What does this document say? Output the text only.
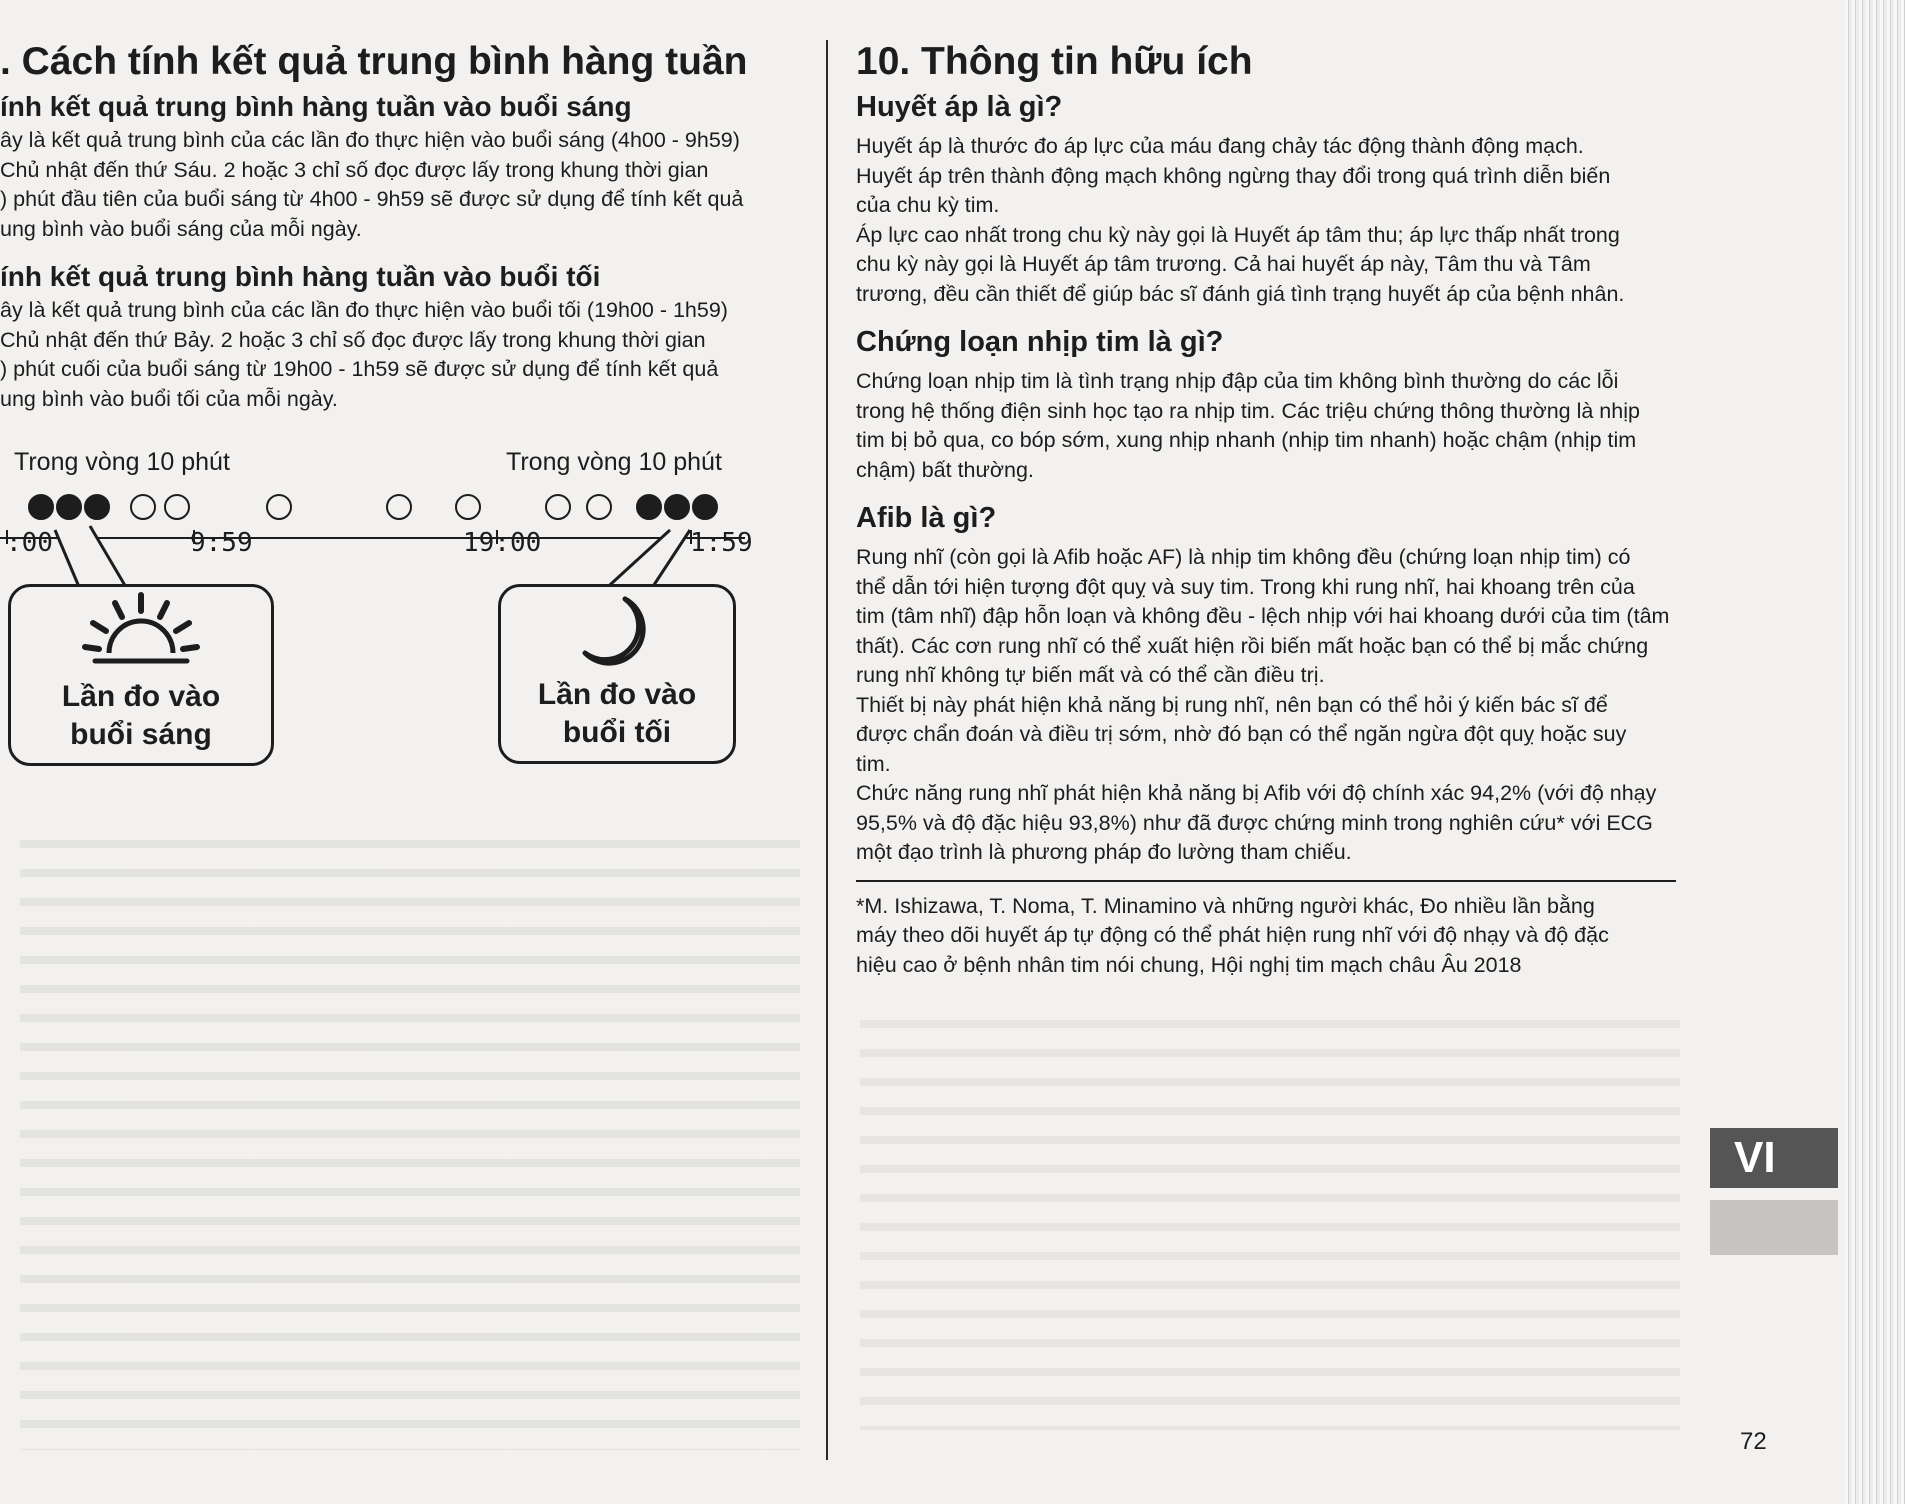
. Cách tính kết quả trung bình hàng tuần
ính kết quả trung bình hàng tuần vào buổi sáng

ây là kết quả trung bình của các lần đo thực hiện vào buổi sáng (4h00 - 9h59)

Chủ nhật đến thứ Sáu. 2 hoặc 3 chỉ số đọc được lấy trong khung thời gian

) phút đầu tiên của buổi sáng từ 4h00 - 9h59 sẽ được sử dụng để tính kết quả

ung bình vào buổi sáng của mỗi ngày.

ính kết quả trung bình hàng tuần vào buổi tối

ây là kết quả trung bình của các lần đo thực hiện vào buổi tối (19h00 - 1h59)

Chủ nhật đến thứ Bảy. 2 hoặc 3 chỉ số đọc được lấy trong khung thời gian

) phút cuối của buổi sáng từ 19h00 - 1h59 sẽ được sử dụng để tính kết quả

ung bình vào buổi tối của mỗi ngày.

Trong vòng 10 phút	Trong vòng 10 phút
:00	9:59	19:00	1:59
Lần đo vào
buổi sáng
Lần đo vào
buổi tối
10. Thông tin hữu ích
Huyết áp là gì?

Huyết áp là thước đo áp lực của máu đang chảy tác động thành động mạch.

Huyết áp trên thành động mạch không ngừng thay đổi trong quá trình diễn biến

của chu kỳ tim.

Áp lực cao nhất trong chu kỳ này gọi là Huyết áp tâm thu; áp lực thấp nhất trong

chu kỳ này gọi là Huyết áp tâm trương. Cả hai huyết áp này, Tâm thu và Tâm

trương, đều cần thiết để giúp bác sĩ đánh giá tình trạng huyết áp của bệnh nhân.

Chứng loạn nhịp tim là gì?

Chứng loạn nhịp tim là tình trạng nhịp đập của tim không bình thường do các lỗi

trong hệ thống điện sinh học tạo ra nhịp tim. Các triệu chứng thông thường là nhịp

tim bị bỏ qua, co bóp sớm, xung nhịp nhanh (nhịp tim nhanh) hoặc chậm (nhịp tim

chậm) bất thường.

Afib là gì?

Rung nhĩ (còn gọi là Afib hoặc AF) là nhịp tim không đều (chứng loạn nhịp tim) có

thể dẫn tới hiện tượng đột quỵ và suy tim. Trong khi rung nhĩ, hai khoang trên của

tim (tâm nhĩ) đập hỗn loạn và không đều - lệch nhịp với hai khoang dưới của tim (tâm

thất). Các cơn rung nhĩ có thể xuất hiện rồi biến mất hoặc bạn có thể bị mắc chứng

rung nhĩ không tự biến mất và có thể cần điều trị.

Thiết bị này phát hiện khả năng bị rung nhĩ, nên bạn có thể hỏi ý kiến bác sĩ để

được chẩn đoán và điều trị sớm, nhờ đó bạn có thể ngăn ngừa đột quỵ hoặc suy

tim.

Chức năng rung nhĩ phát hiện khả năng bị Afib với độ chính xác 94,2% (với độ nhạy

95,5% và độ đặc hiệu 93,8%) như đã được chứng minh trong nghiên cứu* với ECG

một đạo trình là phương pháp đo lường tham chiếu.

*M. Ishizawa, T. Noma, T. Minamino và những người khác, Đo nhiều lần bằng

máy theo dõi huyết áp tự động có thể phát hiện rung nhĩ với độ nhạy và độ đặc

hiệu cao ở bệnh nhân tim nói chung, Hội nghị tim mạch châu Âu 2018

VI
72
